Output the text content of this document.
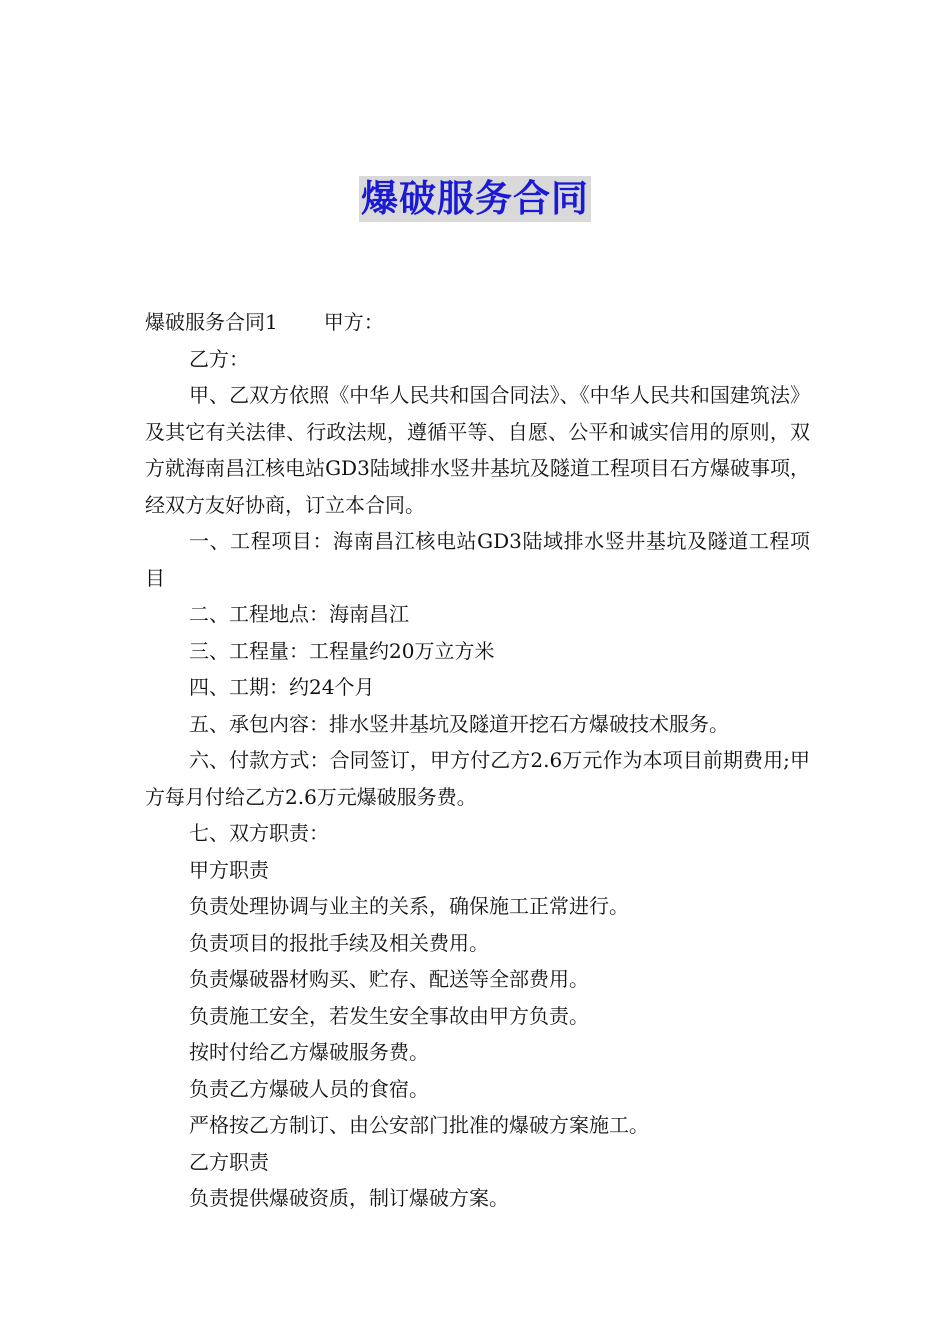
爆破服务合同

爆破服务合同1 甲方：

乙方：

甲、乙双方依照《中华人民共和国合同法》、《中华人民共和国建筑法》及其它有关法律、行政法规，遵循平等、自愿、公平和诚实信用的原则，双方就海南昌江核电站GD3陆域排水竖井基坑及隧道工程项目石方爆破事项，经双方友好协商，订立本合同。

一、工程项目：海南昌江核电站GD3陆域排水竖井基坑及隧道工程项目

二、工程地点：海南昌江

三、工程量：工程量约20万立方米

四、工期：约24个月

五、承包内容：排水竖井基坑及隧道开挖石方爆破技术服务。

六、付款方式：合同签订，甲方付乙方2.6万元作为本项目前期费用;甲方每月付给乙方2.6万元爆破服务费。

七、双方职责：

甲方职责

负责处理协调与业主的关系，确保施工正常进行。

负责项目的报批手续及相关费用。

负责爆破器材购买、贮存、配送等全部费用。

负责施工安全，若发生安全事故由甲方负责。

按时付给乙方爆破服务费。

负责乙方爆破人员的食宿。

严格按乙方制订、由公安部门批准的爆破方案施工。

乙方职责

负责提供爆破资质，制订爆破方案。
